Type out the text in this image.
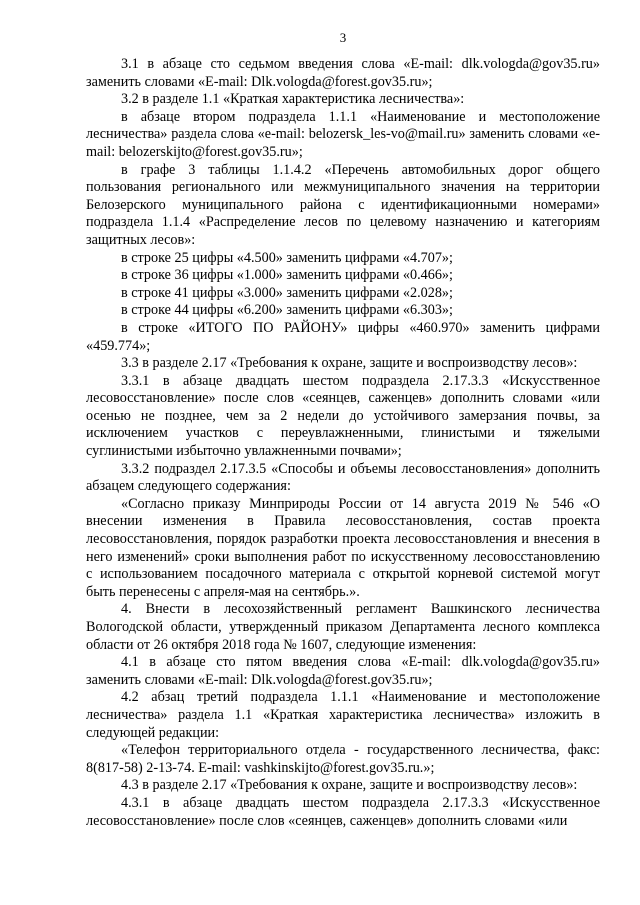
3

3.1 в абзаце сто седьмом введения слова «E-mail: dlk.vologda@gov35.ru» заменить словами «E-mail: Dlk.vologda@forest.gov35.ru»;

3.2 в разделе 1.1 «Краткая характеристика лесничества»:

в абзаце втором подраздела 1.1.1 «Наименование и местоположение лесничества» раздела слова «e-mail: belozersk_les-vo@mail.ru» заменить словами «e-mail: belozerskijto@forest.gov35.ru»;

в графе 3 таблицы 1.1.4.2 «Перечень автомобильных дорог общего пользования регионального или межмуниципального значения на территории Белозерского муниципального района с идентификационными номерами» подраздела 1.1.4 «Распределение лесов по целевому назначению и категориям защитных лесов»:

в строке 25 цифры «4.500» заменить цифрами «4.707»;

в строке 36 цифры «1.000» заменить цифрами «0.466»;

в строке 41 цифры «3.000» заменить цифрами «2.028»;

в строке 44 цифры «6.200» заменить цифрами «6.303»;

в строке «ИТОГО ПО РАЙОНУ» цифры «460.970» заменить цифрами «459.774»;

3.3 в разделе 2.17 «Требования к охране, защите и воспроизводству лесов»:

3.3.1 в абзаце двадцать шестом подраздела 2.17.3.3 «Искусственное лесовосстановление» после слов «сеянцев, саженцев» дополнить словами «или осенью не позднее, чем за 2 недели до устойчивого замерзания почвы, за исключением участков с переувлажненными, глинистыми и тяжелыми суглинистыми избыточно увлажненными почвами»;

3.3.2 подраздел 2.17.3.5 «Способы и объемы лесовосстановления» дополнить абзацем следующего содержания:

«Согласно приказу Минприроды России от 14 августа 2019 № 546 «О внесении изменения в Правила лесовосстановления, состав проекта лесовосстановления, порядок разработки проекта лесовосстановления и внесения в него изменений» сроки выполнения работ по искусственному лесовосстановлению с использованием посадочного материала с открытой корневой системой могут быть перенесены с апреля-мая на сентябрь.».

4. Внести в лесохозяйственный регламент Вашкинского лесничества Вологодской области, утвержденный приказом Департамента лесного комплекса области от 26 октября 2018 года № 1607, следующие изменения:

4.1 в абзаце сто пятом введения слова «E-mail: dlk.vologda@gov35.ru» заменить словами «E-mail: Dlk.vologda@forest.gov35.ru»;

4.2 абзац третий подраздела 1.1.1 «Наименование и местоположение лесничества» раздела 1.1 «Краткая характеристика лесничества» изложить в следующей редакции:

«Телефон территориального отдела - государственного лесничества, факс: 8(817-58) 2-13-74. E-mail: vashkinskijto@forest.gov35.ru.»;

4.3 в разделе 2.17 «Требования к охране, защите и воспроизводству лесов»:

4.3.1 в абзаце двадцать шестом подраздела 2.17.3.3 «Искусственное лесовосстановление» после слов «сеянцев, саженцев» дополнить словами «или
